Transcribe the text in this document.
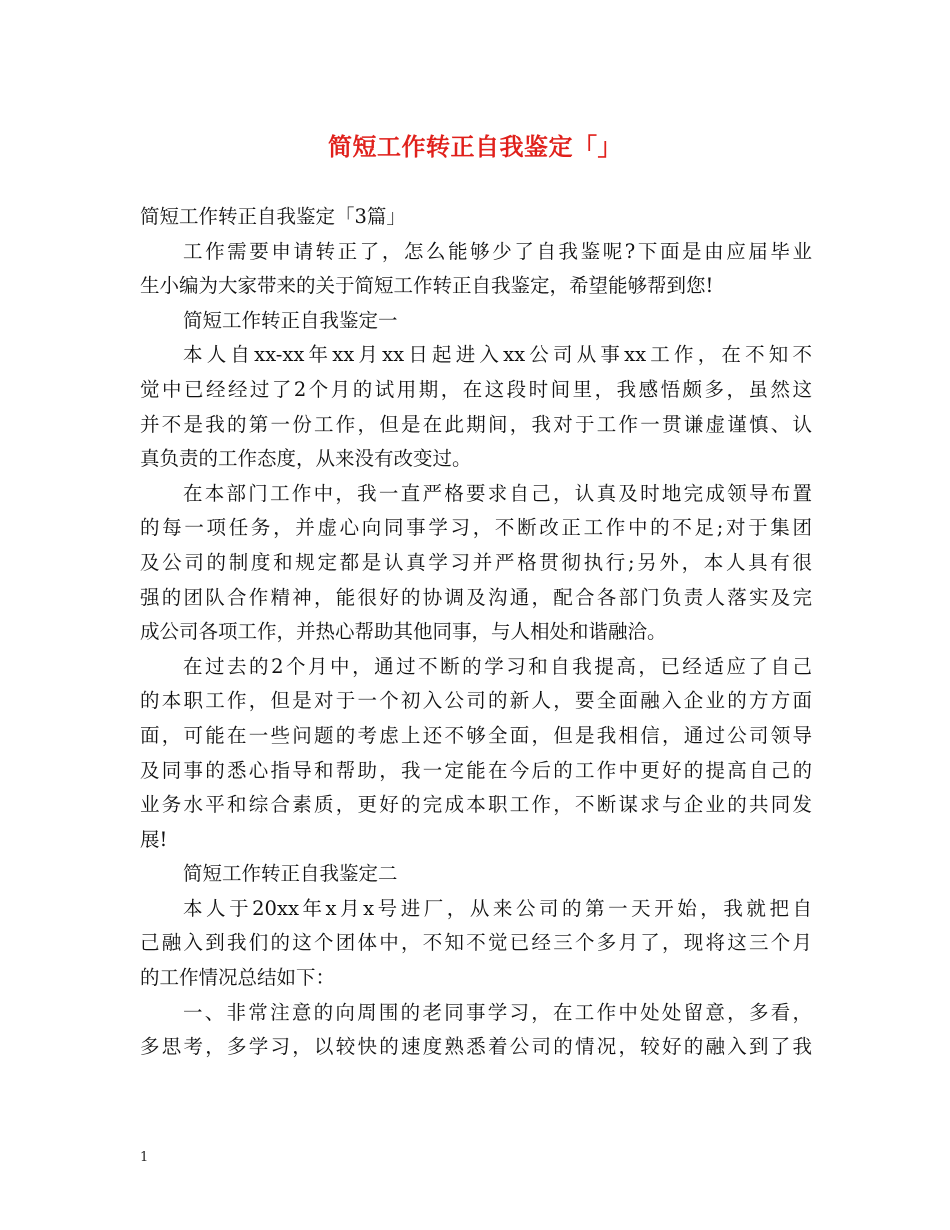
简短工作转正自我鉴定「」
简短工作转正自我鉴定「3篇」
工作需要申请转正了，怎么能够少了自我鉴呢?下面是由应届毕业
生小编为大家带来的关于简短工作转正自我鉴定，希望能够帮到您!
简短工作转正自我鉴定一
本人自xx-xx年xx月xx日起进入xx公司从事xx工作，在不知不
觉中已经经过了2个月的试用期，在这段时间里，我感悟颇多，虽然这
并不是我的第一份工作，但是在此期间，我对于工作一贯谦虚谨慎、认
真负责的工作态度，从来没有改变过。
在本部门工作中，我一直严格要求自己，认真及时地完成领导布置
的每一项任务，并虚心向同事学习，不断改正工作中的不足;对于集团
及公司的制度和规定都是认真学习并严格贯彻执行;另外，本人具有很
强的团队合作精神，能很好的协调及沟通，配合各部门负责人落实及完
成公司各项工作，并热心帮助其他同事，与人相处和谐融洽。
在过去的2个月中，通过不断的学习和自我提高，已经适应了自己
的本职工作，但是对于一个初入公司的新人，要全面融入企业的方方面
面，可能在一些问题的考虑上还不够全面，但是我相信，通过公司领导
及同事的悉心指导和帮助，我一定能在今后的工作中更好的提高自己的
业务水平和综合素质，更好的完成本职工作，不断谋求与企业的共同发
展!
简短工作转正自我鉴定二
本人于20xx年x月x号进厂，从来公司的第一天开始，我就把自
己融入到我们的这个团体中，不知不觉已经三个多月了，现将这三个月
的工作情况总结如下：
一、非常注意的向周围的老同事学习，在工作中处处留意，多看，
多思考，多学习，以较快的速度熟悉着公司的情况，较好的融入到了我
1
